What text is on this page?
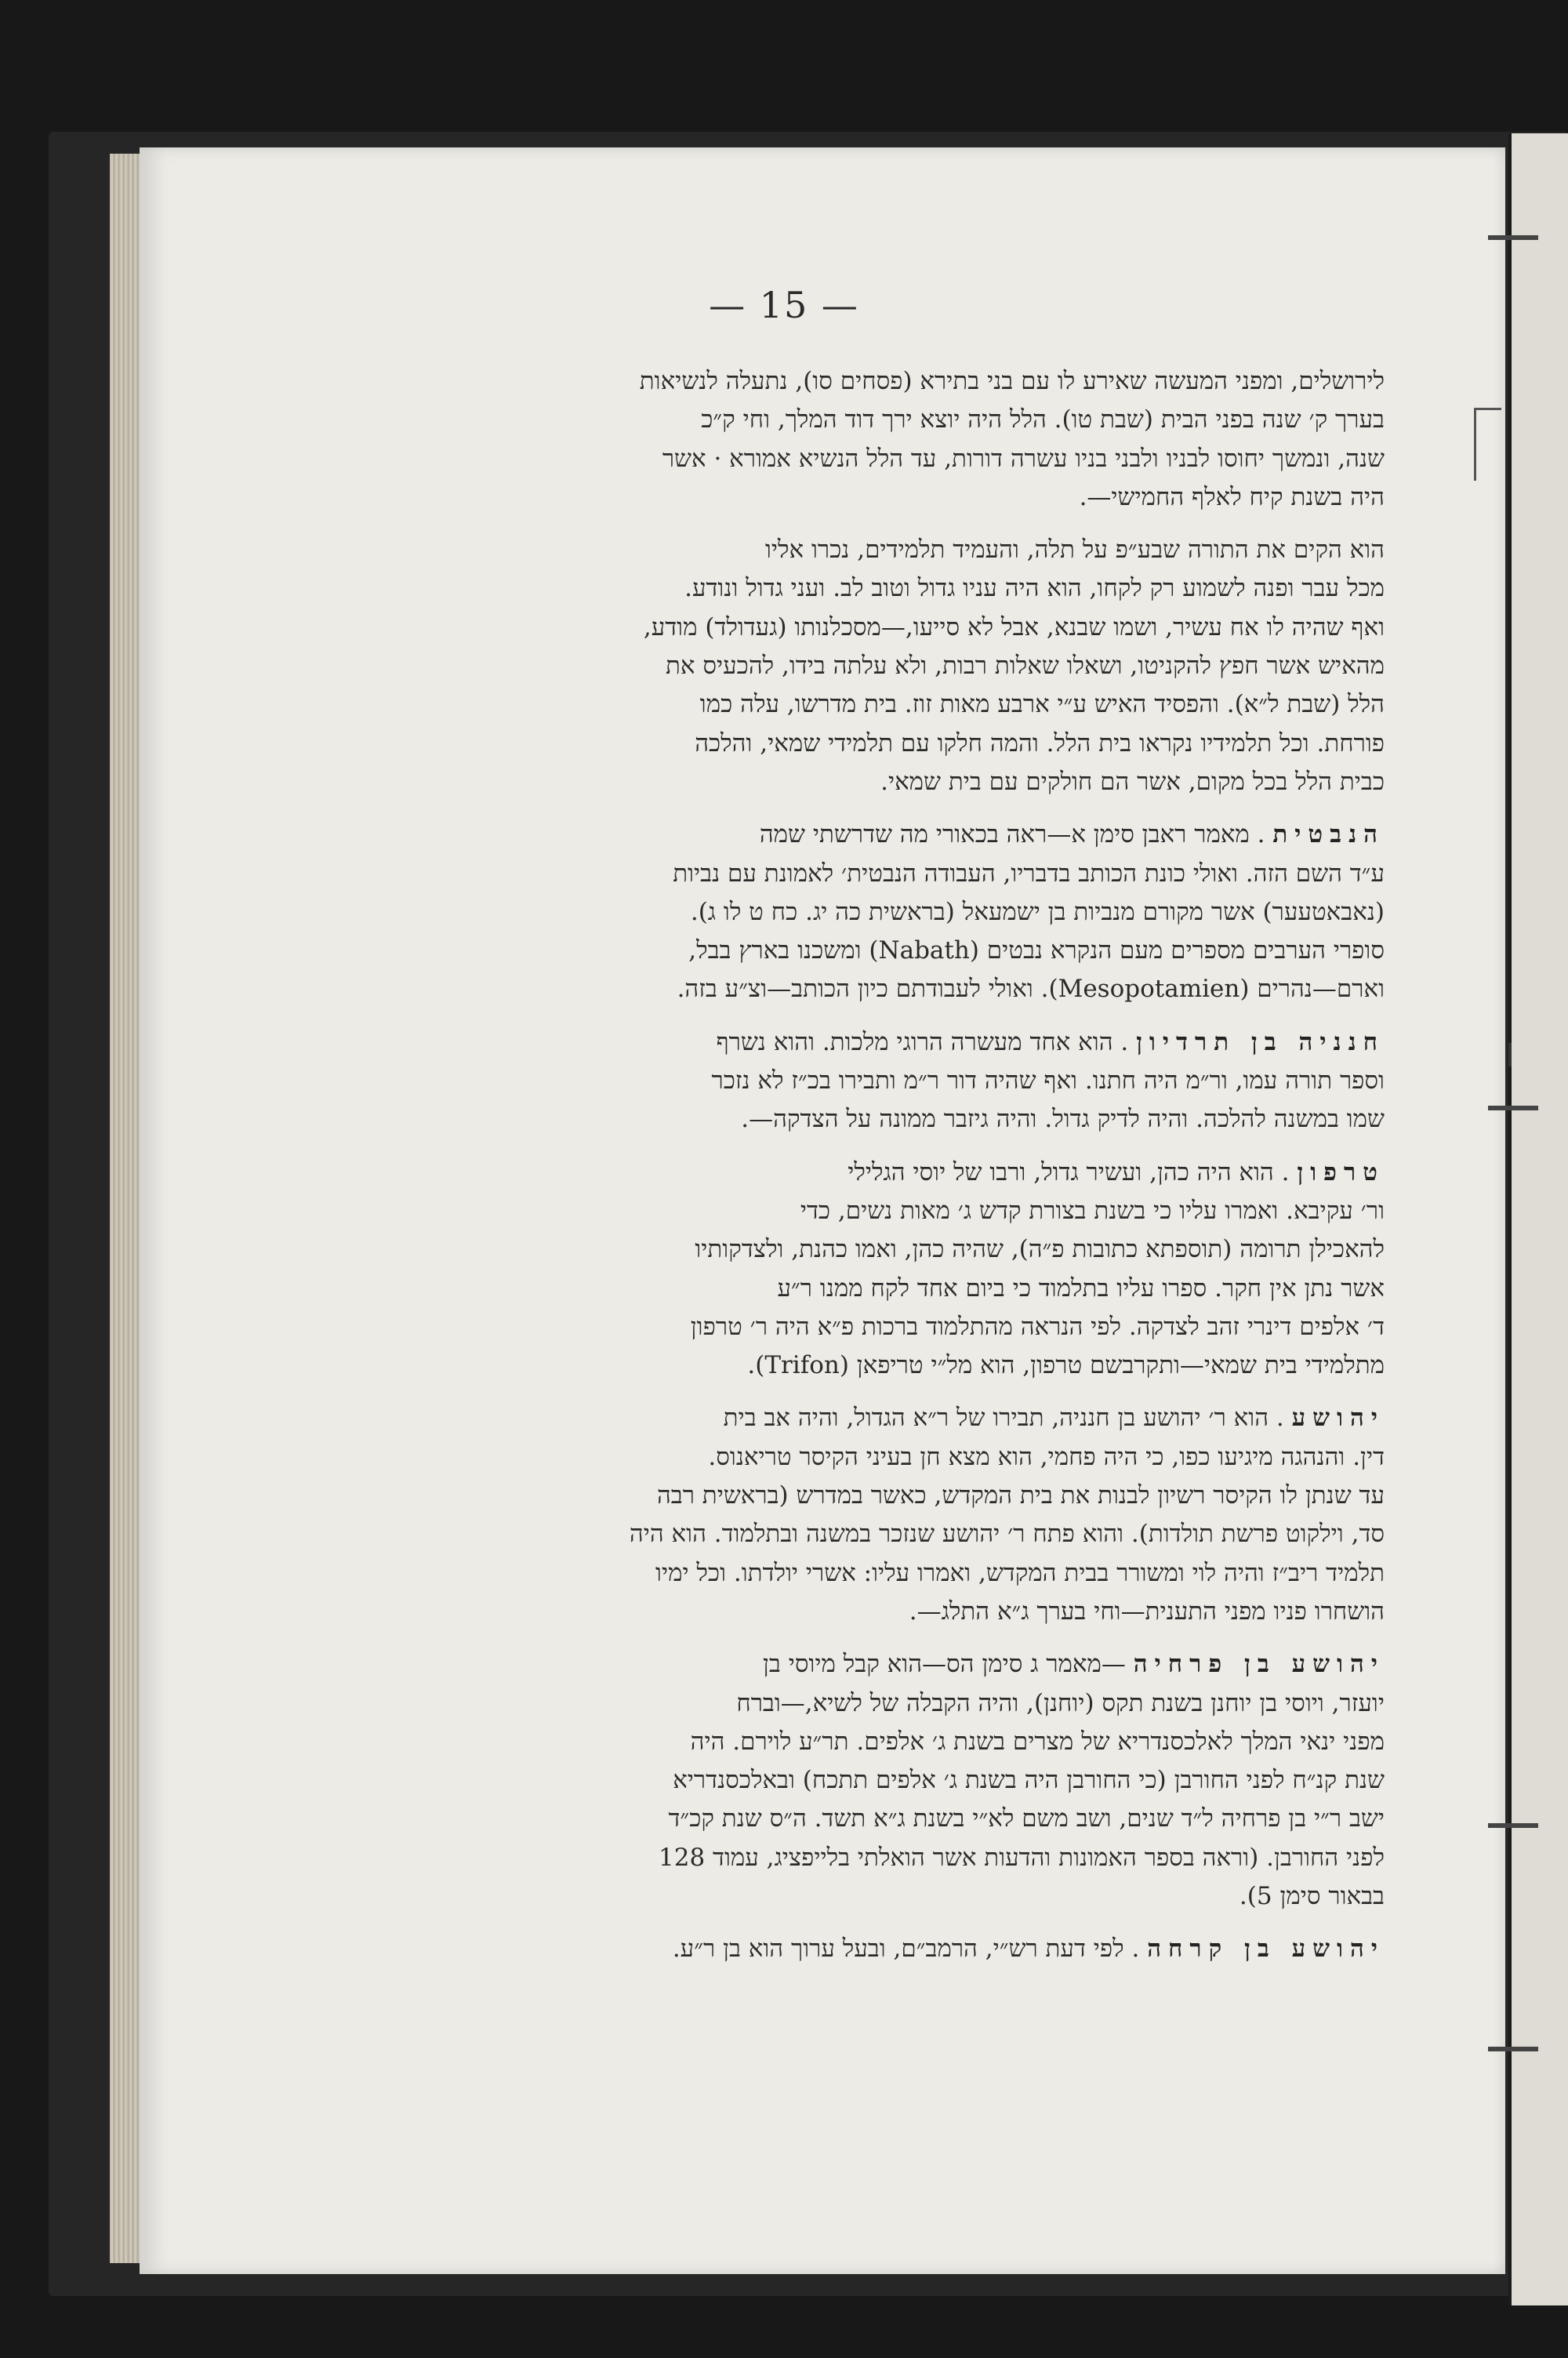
— 15 —
לירושלים, ומפני המעשה שאירע לו עם בני בתירא (פסחים סו), נתעלה לנשיאות
בערך ק׳ שנה בפני הבית (שבת טו). הלל היה יוצא ירך דוד המלך, וחי ק״כ
שנה, ונמשך יחוסו לבניו ולבני בניו עשרה דורות, עד הלל הנשיא אמורא · אשר
היה בשנת קיח לאלף החמישי—.
הוא הקים את התורה שבע״פ על תלה, והעמיד תלמידים, נכרו אליו
מכל עבר ופנה לשמוע רק לקחו, הוא היה עניו גדול וטוב לב. ועני גדול ונודע.
ואף שהיה לו אח עשיר, ושמו שבנא, אבל לא סייעו,—מסכלנותו (געדולד) מודע,
מהאיש אשר חפץ להקניטו, ושאלו שאלות רבות, ולא עלתה בידו, להכעיס את
הלל (שבת ל״א). והפסיד האיש ע״י ארבע מאות זוז. בית מדרשו, עלה כמו
פורחת. וכל תלמידיו נקראו בית הלל. והמה חלקו עם תלמידי שמאי, והלכה
כבית הלל בכל מקום, אשר הם חולקים עם בית שמאי.
הנבטית . מאמר ראבן סימן א—ראה בכאורי מה שדרשתי שמה
ע״ד השם הזה. ואולי כונת הכותב בדבריו, העבודה הנבטית׳ לאמונת עם נביות
(נאבאטעער) אשר מקורם מנביות בן ישמעאל (בראשית כה יג. כח ט לו ג).
סופרי הערבים מספרים מעם הנקרא נבטים (Nabath) ומשכנו בארץ בבל,
וארם—נהרים (Mesopotamien). ואולי לעבודתם כיון הכותב—וצ״ע בזה.
חנניה בן תרדיון . הוא אחד מעשרה הרוגי מלכות. והוא נשרף
וספר תורה עמו, ור״מ היה חתנו. ואף שהיה דור ר״מ ותבירו בכ״ז לא נזכר
שמו במשנה להלכה. והיה לדיק גדול. והיה גיזבר ממונה על הצדקה—.
טרפון . הוא היה כהן, ועשיר גדול, ורבו של יוסי הגלילי
ור׳ עקיבא. ואמרו עליו כי בשנת בצורת קדש ג׳ מאות נשים, כדי
להאכילן תרומה (תוספתא כתובות פ״ה), שהיה כהן, ואמו כהנת, ולצדקותיו
אשר נתן אין חקר. ספרו עליו בתלמוד כי ביום אחד לקח ממנו ר״ע
ד׳ אלפים דינרי זהב לצדקה. לפי הנראה מהתלמוד ברכות פ״א היה ר׳ טרפון
מתלמידי בית שמאי—ותקרבשם טרפון, הוא מל״י טריפאן (Trifon).
יהושע . הוא ר׳ יהושע בן חנניה, תבירו של ר״א הגדול, והיה אב בית
דין. והנהגה מיגיעו כפו, כי היה פחמי, הוא מצא חן בעיני הקיסר טריאנוס.
עד שנתן לו הקיסר רשיון לבנות את בית המקדש, כאשר במדרש (בראשית רבה
סד, וילקוט פרשת תולדות). והוא פתח ר׳ יהושע שנזכר במשנה ובתלמוד. הוא היה
תלמיד ריב״ז והיה לוי ומשורר בבית המקדש, ואמרו עליו: אשרי יולדתו. וכל ימיו
הושחרו פניו מפני התענית—וחי בערך ג״א התלג—.
יהושע בן פרחיה —מאמר ג סימן הס—הוא קבל מיוסי בן
יועזר, ויוסי בן יוחנן בשנת תקס (יוחנן), והיה הקבלה של לשיא,—וברח
מפני ינאי המלך לאלכסנדריא של מצרים בשנת ג׳ אלפים. תר״ע לוירם. היה
שנת קנ״ח לפני החורבן (כי החורבן היה בשנת ג׳ אלפים תתכח) ובאלכסנדריא
ישב ר״י בן פרחיה ל״ד שנים, ושב משם לא״י בשנת ג״א תשד. ה״ס שנת קכ״ד
לפני החורבן. (וראה בספר האמונות והדעות אשר הואלתי בלייפציג, עמוד 128
בבאור סימן 5).
יהושע בן קרחה . לפי דעת רש״י, הרמב״ם, ובעל ערוך הוא בן ר״ע.
